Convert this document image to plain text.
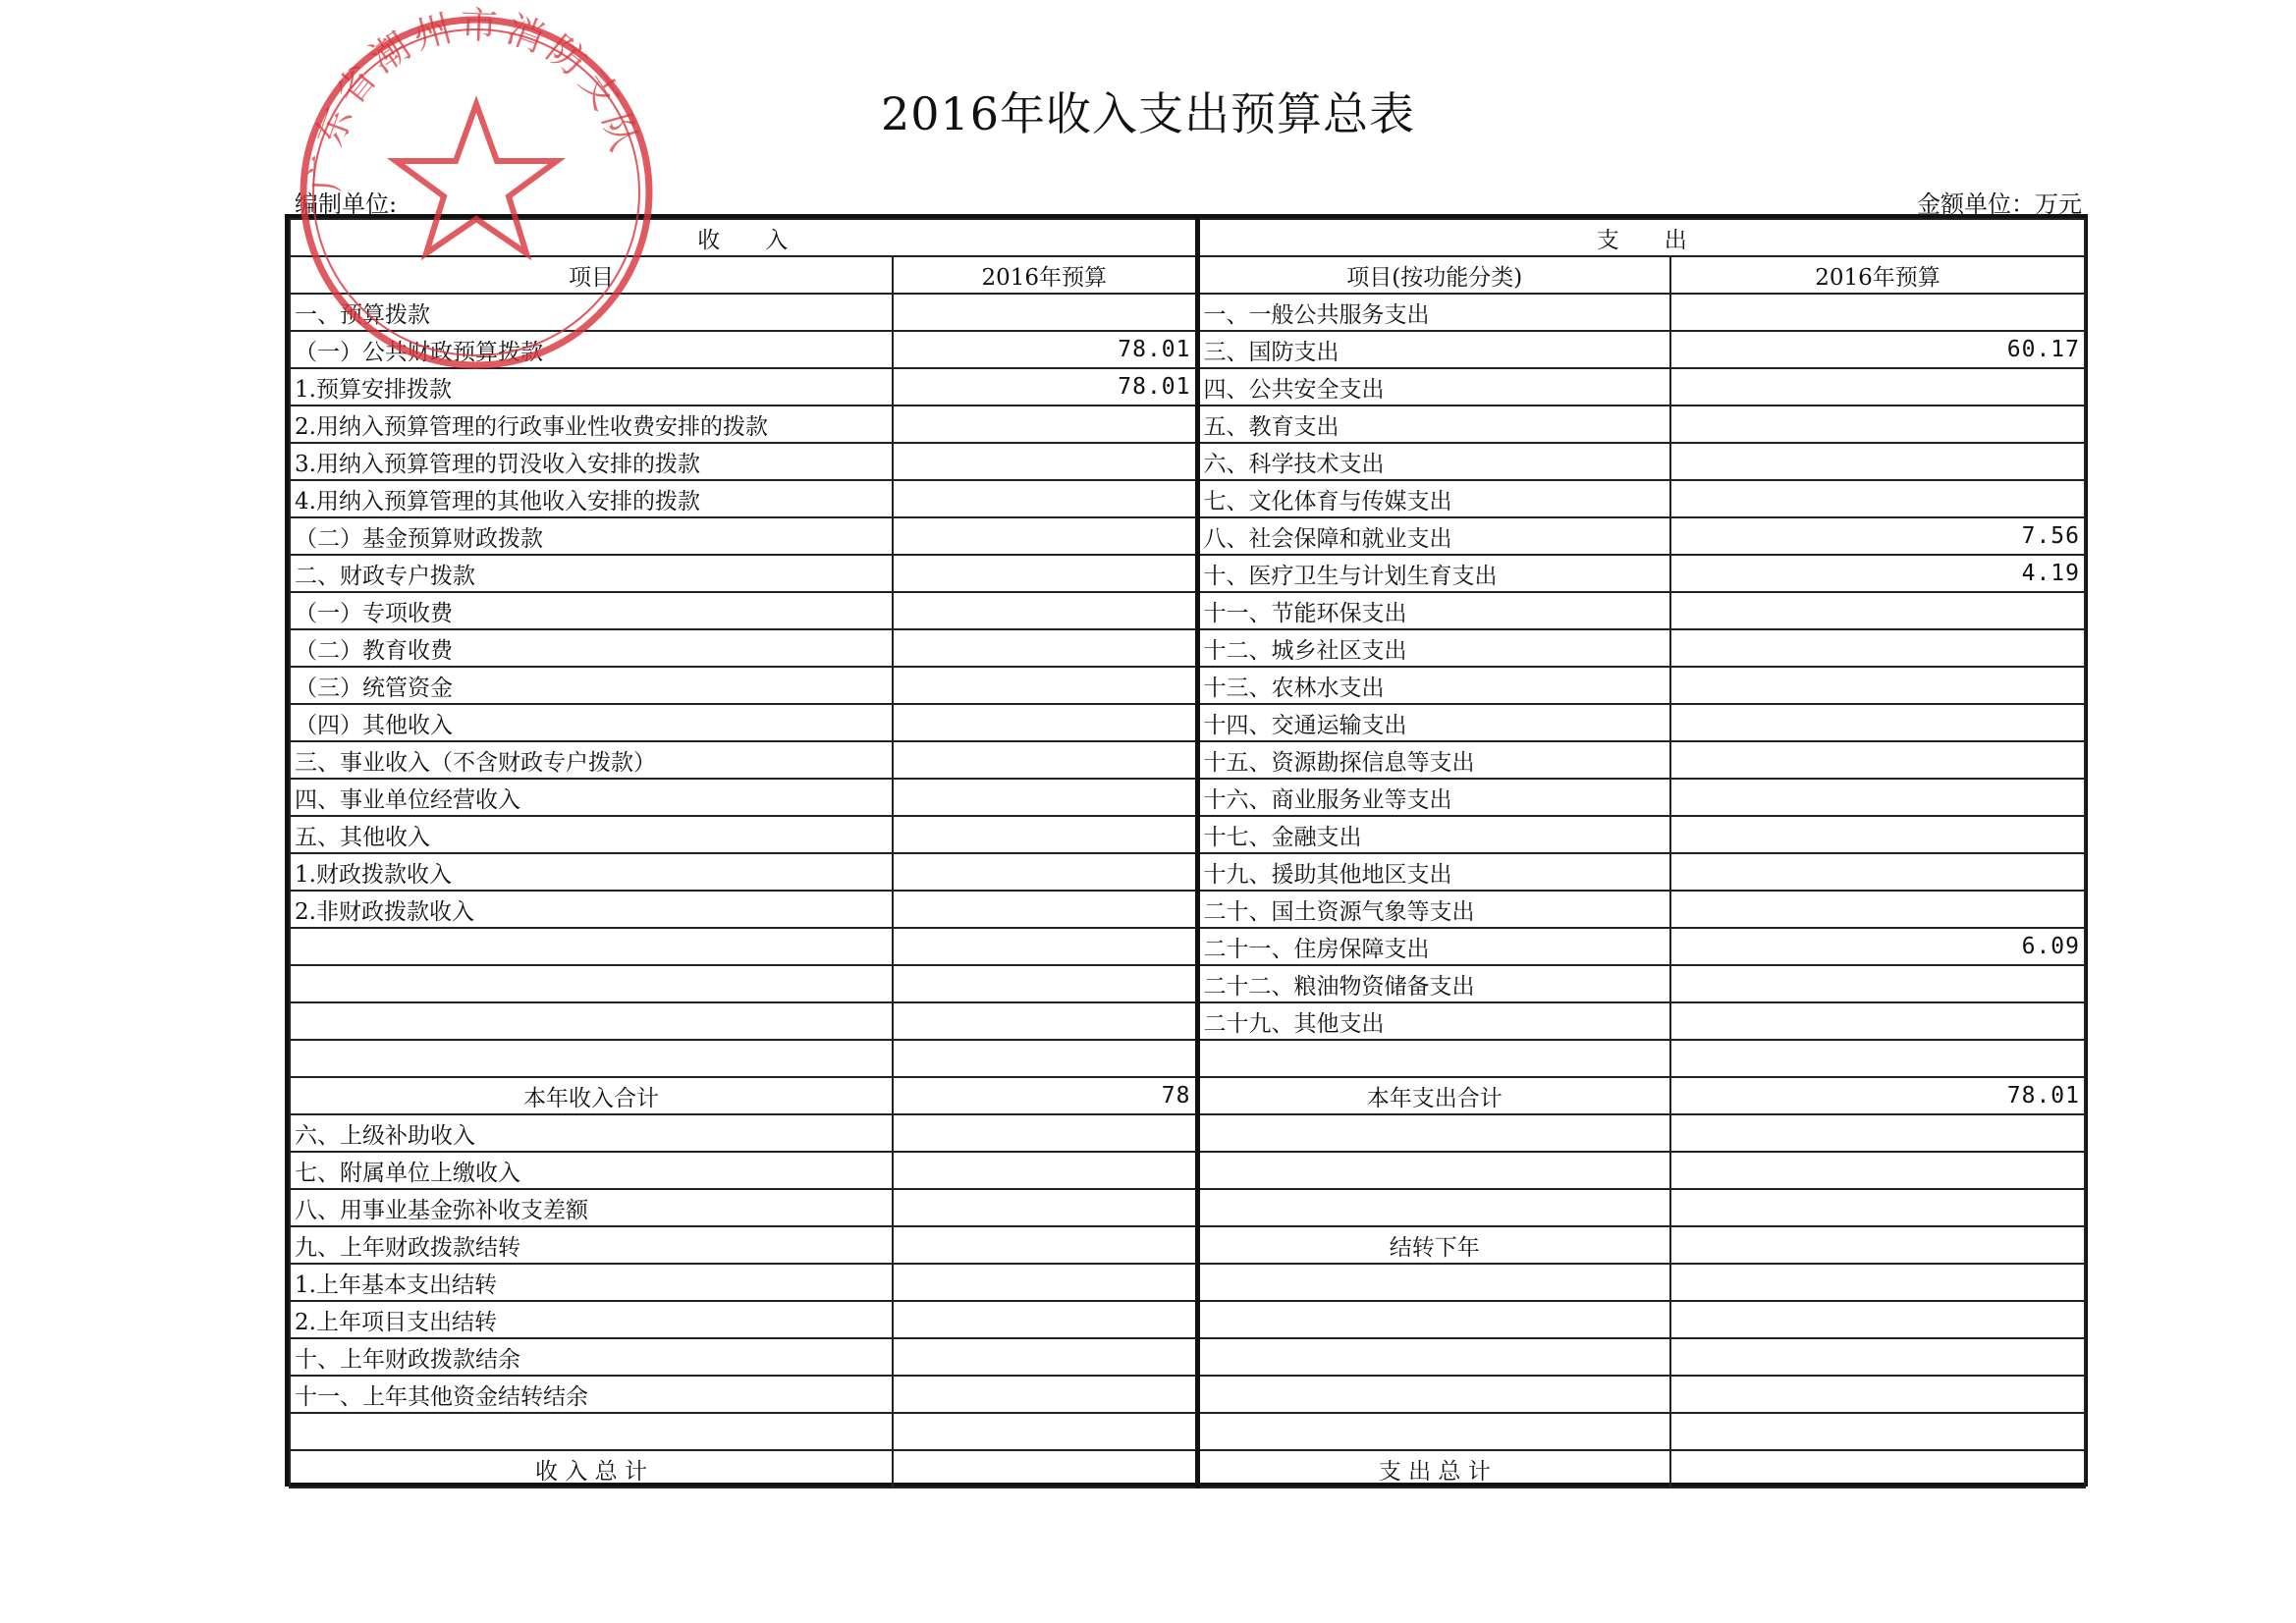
2016年收入支出预算总表
编制单位:	金额单位：万元
收　　入		支　　出	
项目	2016年预算	项目(按功能分类)	2016年预算
一、预算拨款		一、一般公共服务支出	
（一）公共财政预算拨款	78.01	三、国防支出	60.17
1.预算安排拨款	78.01	四、公共安全支出	
2.用纳入预算管理的行政事业性收费安排的拨款		五、教育支出	
3.用纳入预算管理的罚没收入安排的拨款		六、科学技术支出	
4.用纳入预算管理的其他收入安排的拨款		七、文化体育与传媒支出	
（二）基金预算财政拨款		八、社会保障和就业支出	7.56
二、财政专户拨款		十、医疗卫生与计划生育支出	4.19
（一）专项收费		十一、节能环保支出	
（二）教育收费		十二、城乡社区支出	
（三）统管资金		十三、农林水支出	
（四）其他收入		十四、交通运输支出	
三、事业收入（不含财政专户拨款）		十五、资源勘探信息等支出	
四、事业单位经营收入		十六、商业服务业等支出	
五、其他收入		十七、金融支出	
1.财政拨款收入		十九、援助其他地区支出	
2.非财政拨款收入		二十、国土资源气象等支出	
		二十一、住房保障支出	6.09
		二十二、粮油物资储备支出	
		二十九、其他支出	

本年收入合计	78	本年支出合计	78.01
六、上级补助收入			
七、附属单位上缴收入			
八、用事业基金弥补收支差额			
九、上年财政拨款结转		结转下年	
1.上年基本支出结转			
2.上年项目支出结转			
十、上年财政拨款结余			
十一、上年其他资金结转结余			

收 入 总 计		支 出 总 计	
广东省潮州市消防支队
